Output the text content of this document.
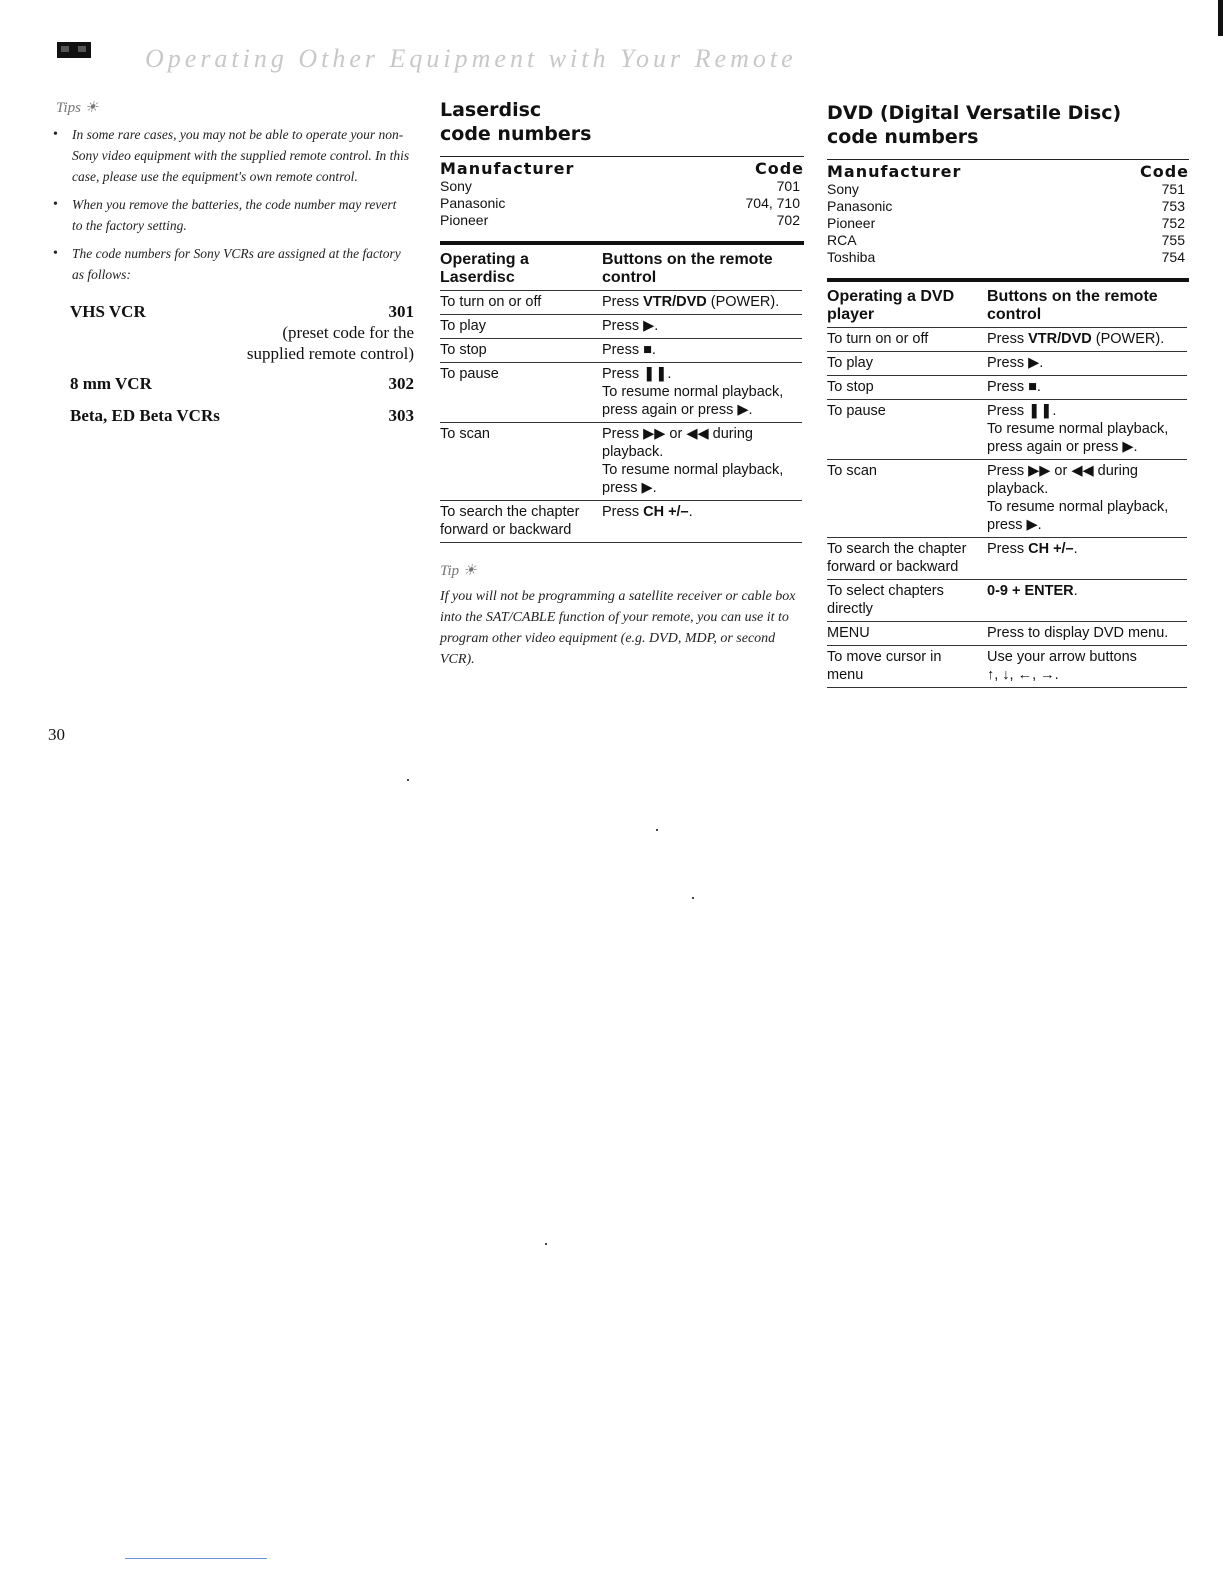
Operating Other Equipment with Your Remote
Tips ☀
• In some rare cases, you may not be able to operate your non-Sony video equipment with the supplied remote control. In this case, please use the equipment's own remote control.
• When you remove the batteries, the code number may revert to the factory setting.
• The code numbers for Sony VCRs are assigned at the factory as follows:
VHS VCR	301
(preset code for the
supplied remote control)
8 mm VCR	302
Beta, ED Beta VCRs	303
30
Laserdisc
code numbers
Manufacturer	Code
Sony	701
Panasonic	704, 710
Pioneer	702
Operating a Laserdisc	Buttons on the remote control
To turn on or off	Press VTR/DVD (POWER).
To play	Press ▶.
To stop	Press ■.
To pause	Press ❚❚.
To resume normal playback, press again or press ▶.
To scan	Press ▶▶ or ◀◀ during playback.
To resume normal playback, press ▶.
To search the chapter forward or backward	Press CH +/–.
Tip ☀
If you will not be programming a satellite receiver or cable box into the SAT/CABLE function of your remote, you can use it to program other video equipment (e.g. DVD, MDP, or second VCR).
DVD (Digital Versatile Disc)
code numbers
Manufacturer	Code
Sony	751
Panasonic	753
Pioneer	752
RCA	755
Toshiba	754
Operating a DVD player	Buttons on the remote control
To turn on or off	Press VTR/DVD (POWER).
To play	Press ▶.
To stop	Press ■.
To pause	Press ❚❚.
To resume normal playback, press again or press ▶.
To scan	Press ▶▶ or ◀◀ during playback.
To resume normal playback, press ▶.
To search the chapter forward or backward	Press CH +/–.
To select chapters directly	0-9 + ENTER.
MENU	Press to display DVD menu.
To move cursor in menu	Use your arrow buttons
↑, ↓, ←, →.
